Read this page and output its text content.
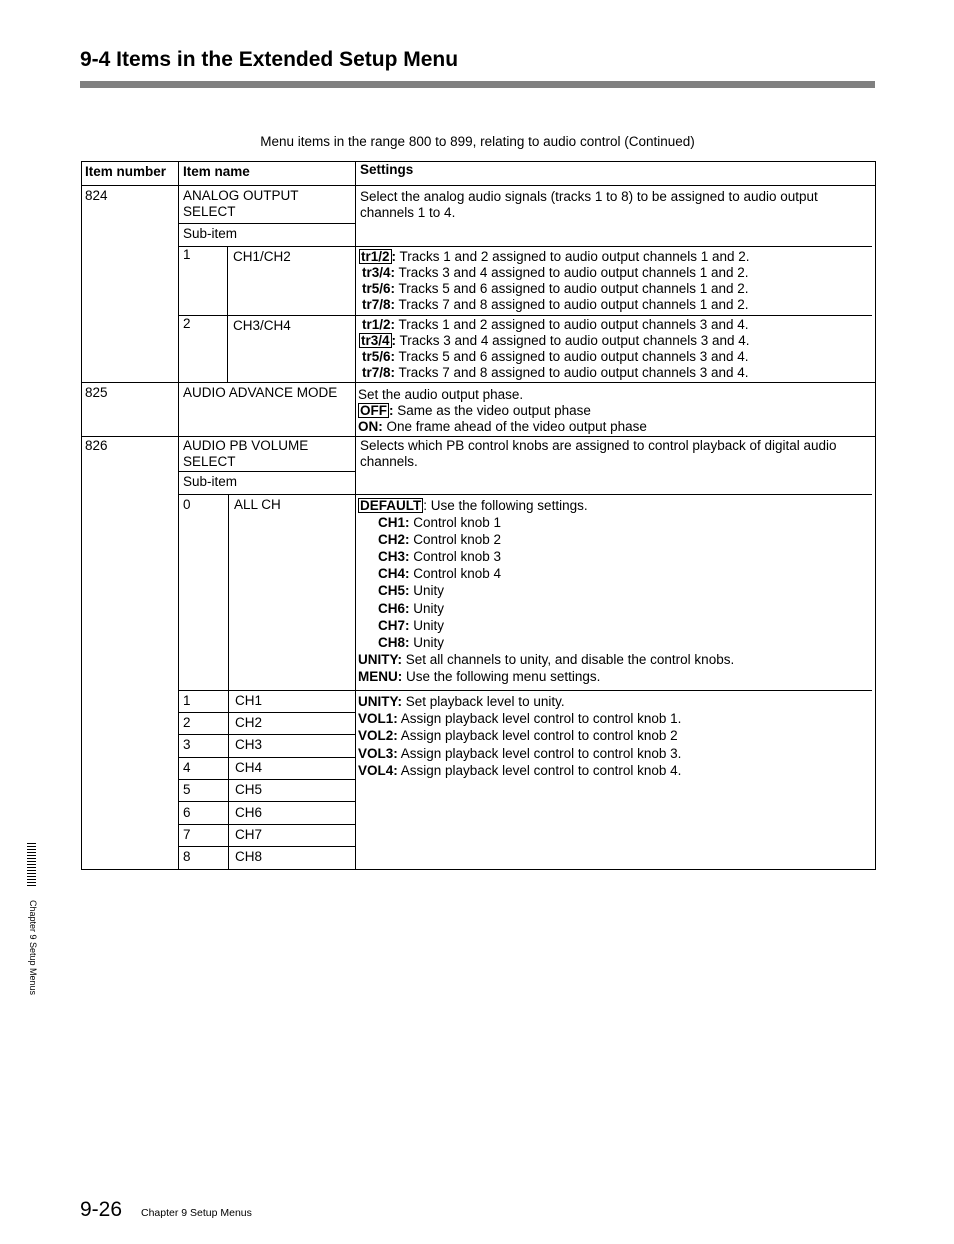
9-4 Items in the Extended Setup Menu
Menu items in the range 800 to 899, relating to audio control (Continued)
Item number	Item name	Settings
824	ANALOG OUTPUT SELECT
Select the analog audio signals (tracks 1 to 8) to be assigned to audio output channels 1 to 4.
Sub-item
1	CH1/CH2	tr1/2 : Tracks 1 and 2 assigned to audio output channels 1 and 2.
tr3/4: Tracks 3 and 4 assigned to audio output channels 1 and 2.
tr5/6: Tracks 5 and 6 assigned to audio output channels 1 and 2.
tr7/8: Tracks 7 and 8 assigned to audio output channels 1 and 2.
2	CH3/CH4	tr1/2: Tracks 1 and 2 assigned to audio output channels 3 and 4.
tr3/4 : Tracks 3 and 4 assigned to audio output channels 3 and 4.
tr5/6: Tracks 5 and 6 assigned to audio output channels 3 and 4.
tr7/8: Tracks 7 and 8 assigned to audio output channels 3 and 4.
825	AUDIO ADVANCE MODE	Set the audio output phase.
OFF : Same as the video output phase
ON: One frame ahead of the video output phase
826	AUDIO PB VOLUME SELECT
Selects which PB control knobs are assigned to control playback of digital audio channels.
Sub-item
0	ALL CH	DEFAULT : Use the following settings.
CH1: Control knob 1
CH2: Control knob 2
CH3: Control knob 3
CH4: Control knob 4
CH5: Unity
CH6: Unity
CH7: Unity
CH8: Unity
UNITY: Set all channels to unity, and disable the control knobs.
MENU: Use the following menu settings.
1	CH1
2	CH2
3	CH3
4	CH4
5	CH5
6	CH6
7	CH7
8	CH8
UNITY: Set playback level to unity.
VOL1: Assign playback level control to control knob 1.
VOL2: Assign playback level control to control knob 2
VOL3: Assign playback level control to control knob 3.
VOL4: Assign playback level control to control knob 4.
Chapter 9 Setup Menus
9-26 Chapter 9 Setup Menus
